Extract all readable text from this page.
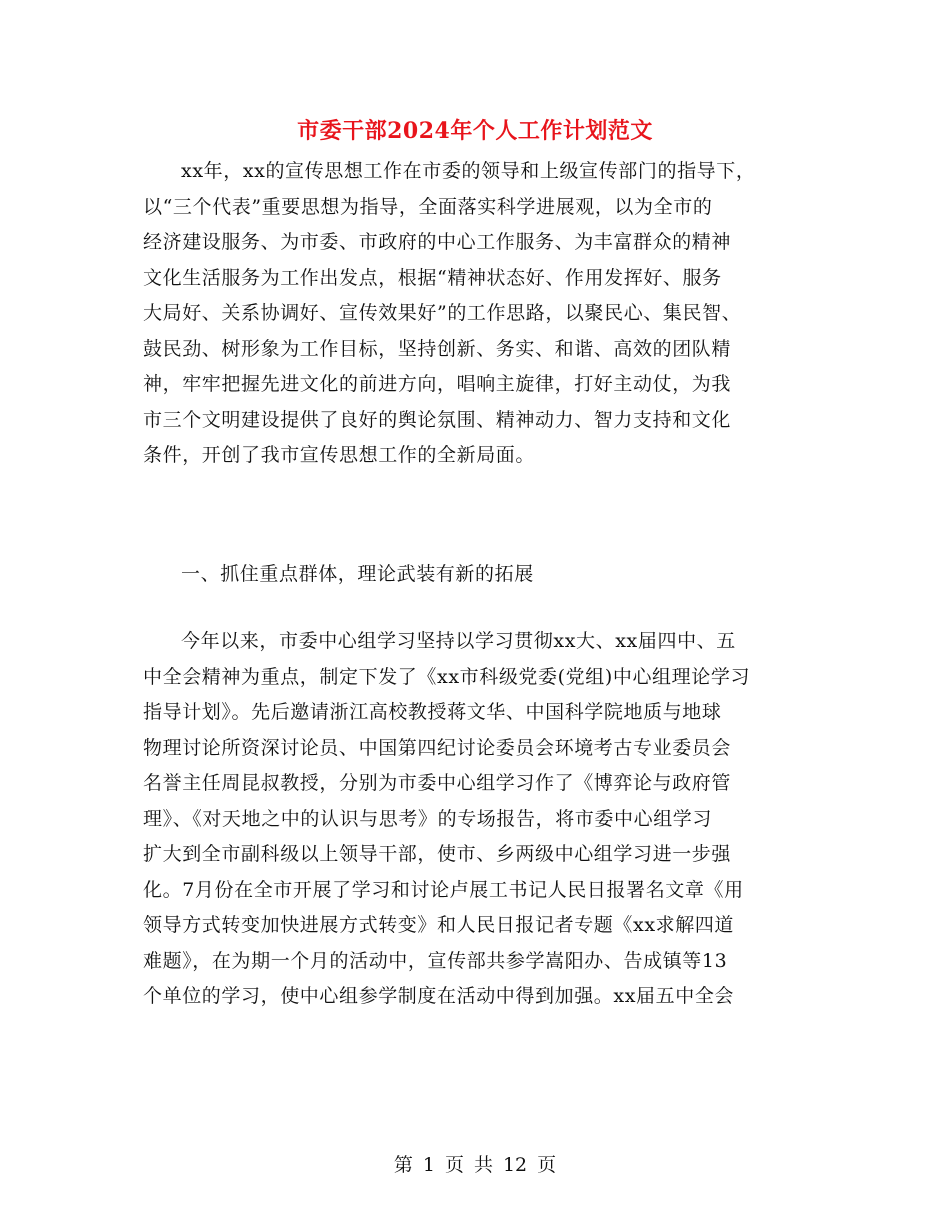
市委干部2024年个人工作计划范文
xx年，xx的宣传思想工作在市委的领导和上级宣传部门的指导下，
以“三个代表”重要思想为指导，全面落实科学进展观，以为全市的
经济建设服务、为市委、市政府的中心工作服务、为丰富群众的精神
文化生活服务为工作出发点，根据“精神状态好、作用发挥好、服务
大局好、关系协调好、宣传效果好”的工作思路，以聚民心、集民智、
鼓民劲、树形象为工作目标，坚持创新、务实、和谐、高效的团队精
神，牢牢把握先进文化的前进方向，唱响主旋律，打好主动仗，为我
市三个文明建设提供了良好的舆论氛围、精神动力、智力支持和文化
条件，开创了我市宣传思想工作的全新局面。
一、抓住重点群体，理论武装有新的拓展
今年以来，市委中心组学习坚持以学习贯彻xx大、xx届四中、五
中全会精神为重点，制定下发了《xx市科级党委(党组)中心组理论学习
指导计划》。先后邀请浙江高校教授蒋文华、中国科学院地质与地球
物理讨论所资深讨论员、中国第四纪讨论委员会环境考古专业委员会
名誉主任周昆叔教授，分别为市委中心组学习作了《博弈论与政府管
理》、《对天地之中的认识与思考》的专场报告，将市委中心组学习
扩大到全市副科级以上领导干部，使市、乡两级中心组学习进一步强
化。7月份在全市开展了学习和讨论卢展工书记人民日报署名文章《用
领导方式转变加快进展方式转变》和人民日报记者专题《xx求解四道
难题》，在为期一个月的活动中，宣传部共参学嵩阳办、告成镇等13
个单位的学习，使中心组参学制度在活动中得到加强。xx届五中全会
第 1 页 共 12 页
